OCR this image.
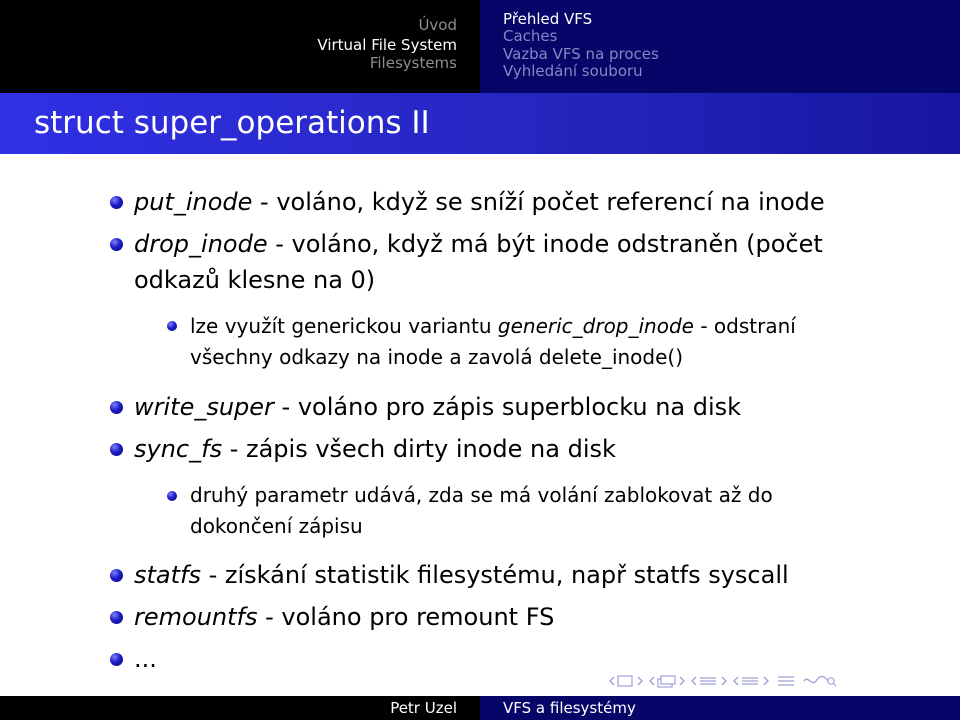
Úvod
Virtual File System
Filesystems
Přehled VFS
Caches
Vazba VFS na proces
Vyhledání souboru
struct super_operations II
put_inode - voláno, když se sníží počet referencí na inode
drop_inode - voláno, když má být inode odstraněn (počet
odkazů klesne na 0)
lze využít generickou variantu generic_drop_inode - odstraní
všechny odkazy na inode a zavolá delete_inode()
write_super - voláno pro zápis superblocku na disk
sync_fs - zápis všech dirty inode na disk
druhý parametr udává, zda se má volání zablokovat až do
dokončení zápisu
statfs - získání statistik filesystému, např statfs syscall
remountfs - voláno pro remount FS
...
Petr Uzel	VFS a filesystémy
